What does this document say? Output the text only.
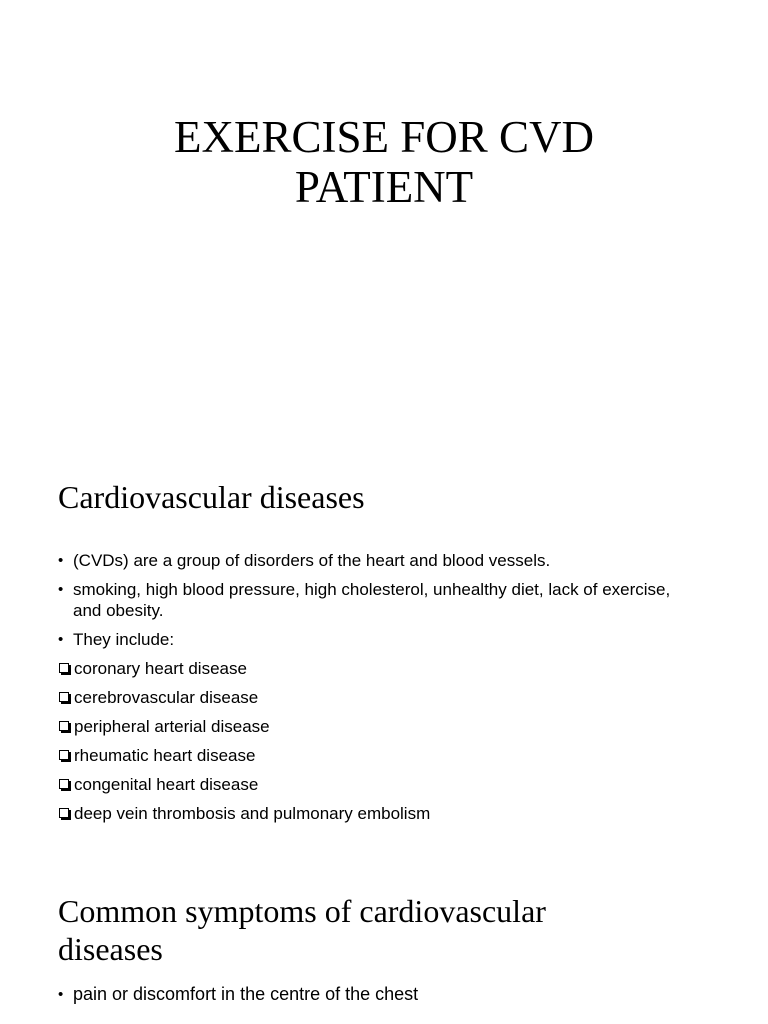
EXERCISE FOR CVD
PATIENT
Cardiovascular diseases
• (CVDs) are a group of disorders of the heart and blood vessels.
• smoking, high blood pressure, high cholesterol, unhealthy diet, lack of exercise, and obesity.
• They include:
coronary heart disease
cerebrovascular disease
peripheral arterial disease
rheumatic heart disease
congenital heart disease
deep vein thrombosis and pulmonary embolism
Common symptoms of cardiovascular
diseases
• pain or discomfort in the centre of the chest
